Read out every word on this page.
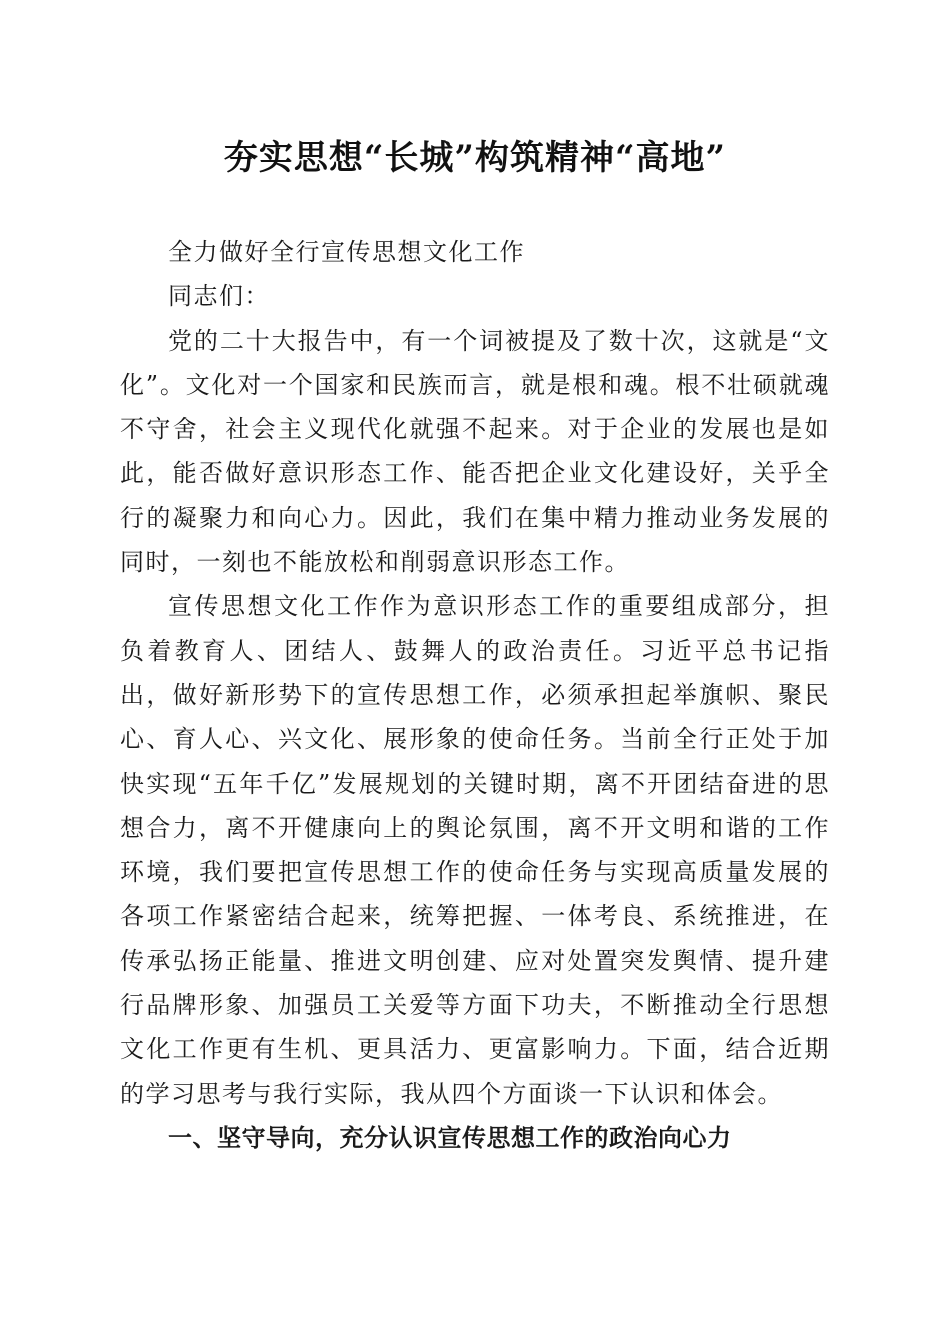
夯实思想“长城”构筑精神“高地”

全力做好全行宣传思想文化工作

同志们：

党的二十大报告中，有一个词被提及了数十次，这就是“文化”。文化对一个国家和民族而言，就是根和魂。根不壮硕就魂不守舍，社会主义现代化就强不起来。对于企业的发展也是如此，能否做好意识形态工作、能否把企业文化建设好，关乎全行的凝聚力和向心力。因此，我们在集中精力推动业务发展的同时，一刻也不能放松和削弱意识形态工作。

宣传思想文化工作作为意识形态工作的重要组成部分，担负着教育人、团结人、鼓舞人的政治责任。习近平总书记指出，做好新形势下的宣传思想工作，必须承担起举旗帜、聚民心、育人心、兴文化、展形象的使命任务。当前全行正处于加快实现“五年千亿”发展规划的关键时期，离不开团结奋进的思想合力，离不开健康向上的舆论氛围，离不开文明和谐的工作环境，我们要把宣传思想工作的使命任务与实现高质量发展的各项工作紧密结合起来，统筹把握、一体考良、系统推进，在传承弘扬正能量、推进文明创建、应对处置突发舆情、提升建行品牌形象、加强员工关爱等方面下功夫，不断推动全行思想文化工作更有生机、更具活力、更富影响力。下面，结合近期的学习思考与我行实际，我从四个方面谈一下认识和体会。

一、坚守导向，充分认识宣传思想工作的政治向心力
